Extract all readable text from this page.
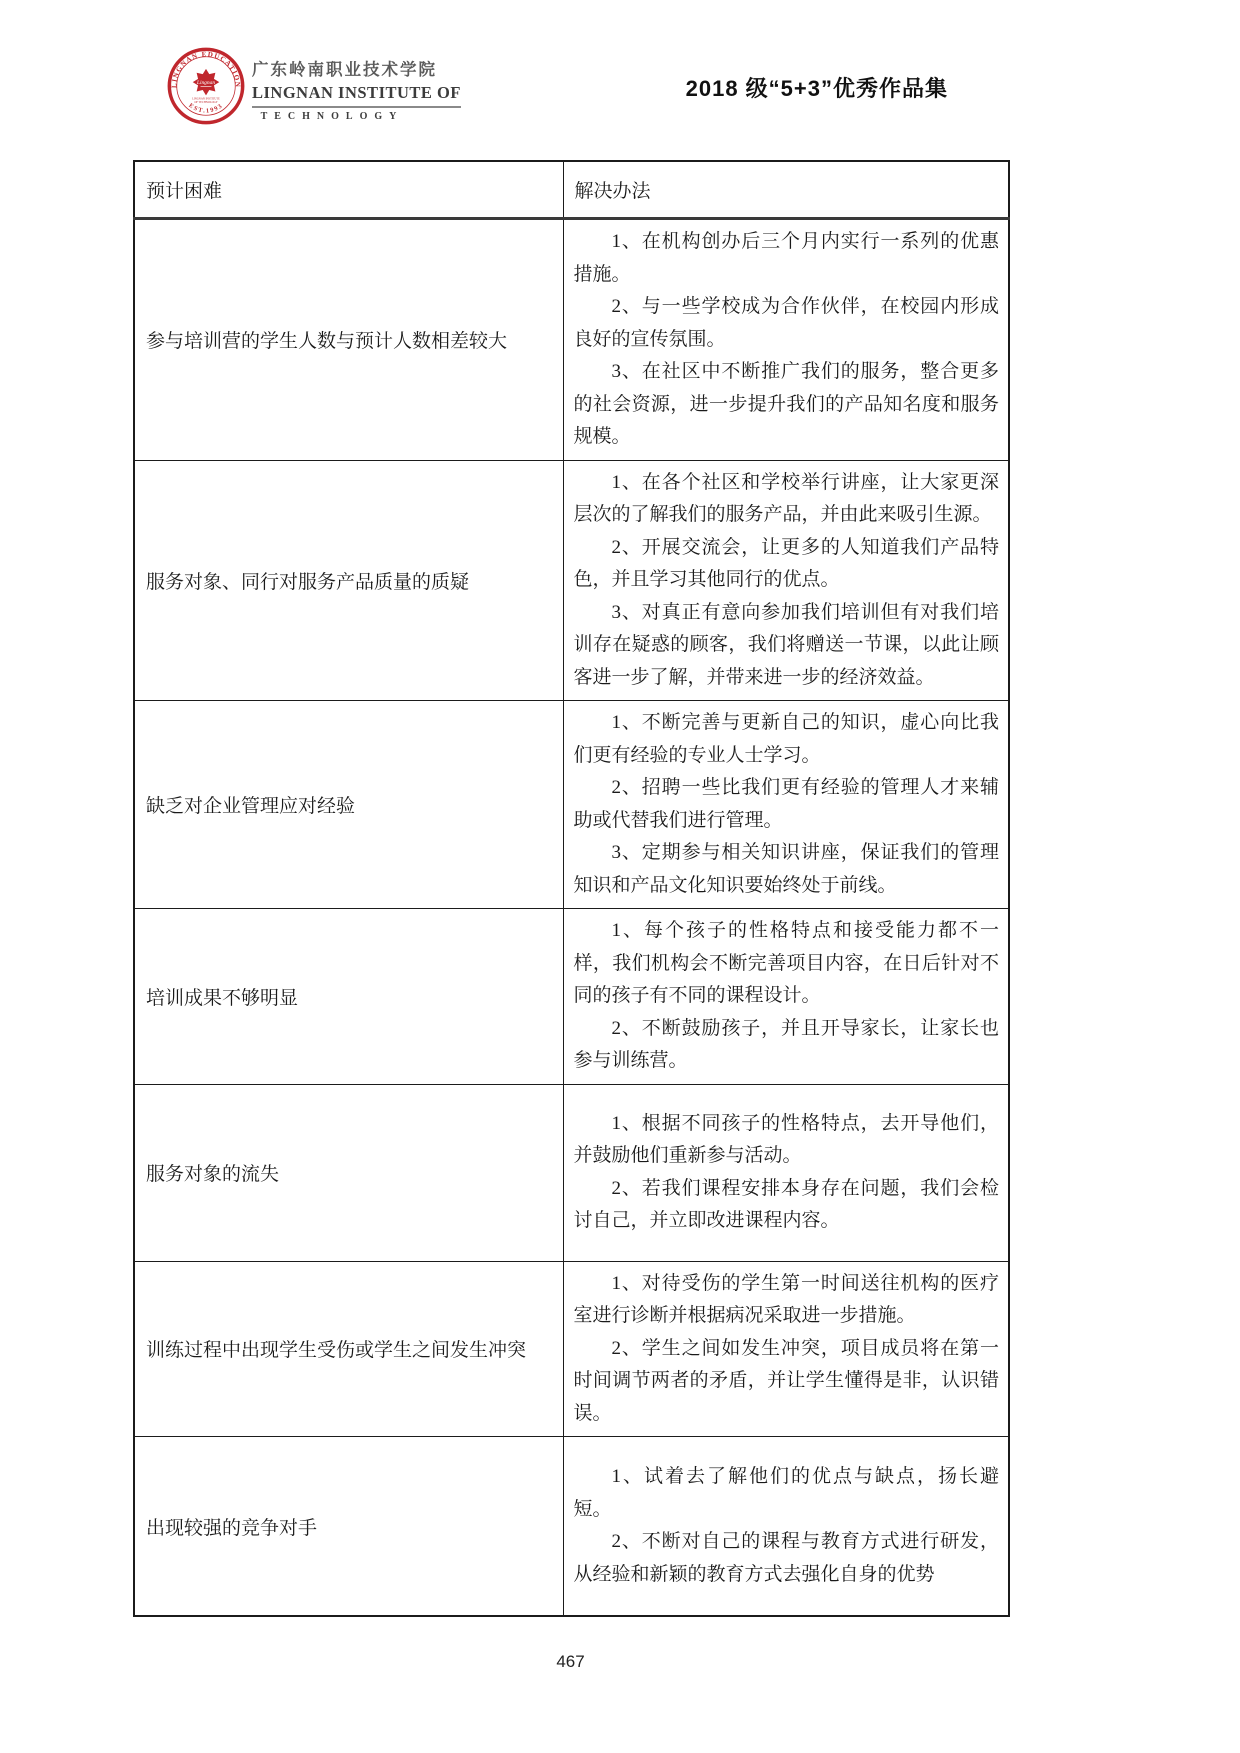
LINGNAN EDUCATION
EST.1993
Lingnan
LINGNAN INSTITUTE
OF TECHNOLOGY
广东岭南职业技术学院
LINGNAN INSTITUTE OF
TECHNOLOGY
2018 级“5+3”优秀作品集
预计困难	解决办法
参与培训营的学生人数与预计人数相差较大	1、在机构创办后三个月内实行一系列的优惠措施。

2、与一些学校成为合作伙伴，在校园内形成良好的宣传氛围。

3、在社区中不断推广我们的服务，整合更多的社会资源，进一步提升我们的产品知名度和服务规模。

服务对象、同行对服务产品质量的质疑	1、在各个社区和学校举行讲座，让大家更深层次的了解我们的服务产品，并由此来吸引生源。

2、开展交流会，让更多的人知道我们产品特色，并且学习其他同行的优点。

3、对真正有意向参加我们培训但有对我们培训存在疑惑的顾客，我们将赠送一节课，以此让顾客进一步了解，并带来进一步的经济效益。

缺乏对企业管理应对经验	1、不断完善与更新自己的知识，虚心向比我们更有经验的专业人士学习。

2、招聘一些比我们更有经验的管理人才来辅助或代替我们进行管理。

3、定期参与相关知识讲座，保证我们的管理知识和产品文化知识要始终处于前线。

培训成果不够明显	1、每个孩子的性格特点和接受能力都不一样，我们机构会不断完善项目内容，在日后针对不同的孩子有不同的课程设计。

2、不断鼓励孩子，并且开导家长，让家长也参与训练营。

服务对象的流失	1、根据不同孩子的性格特点，去开导他们，并鼓励他们重新参与活动。

2、若我们课程安排本身存在问题，我们会检讨自己，并立即改进课程内容。

训练过程中出现学生受伤或学生之间发生冲突	1、对待受伤的学生第一时间送往机构的医疗室进行诊断并根据病况采取进一步措施。

2、学生之间如发生冲突，项目成员将在第一时间调节两者的矛盾，并让学生懂得是非，认识错误。

出现较强的竞争对手	1、试着去了解他们的优点与缺点，扬长避短。

2、不断对自己的课程与教育方式进行研发，从经验和新颖的教育方式去强化自身的优势

467
